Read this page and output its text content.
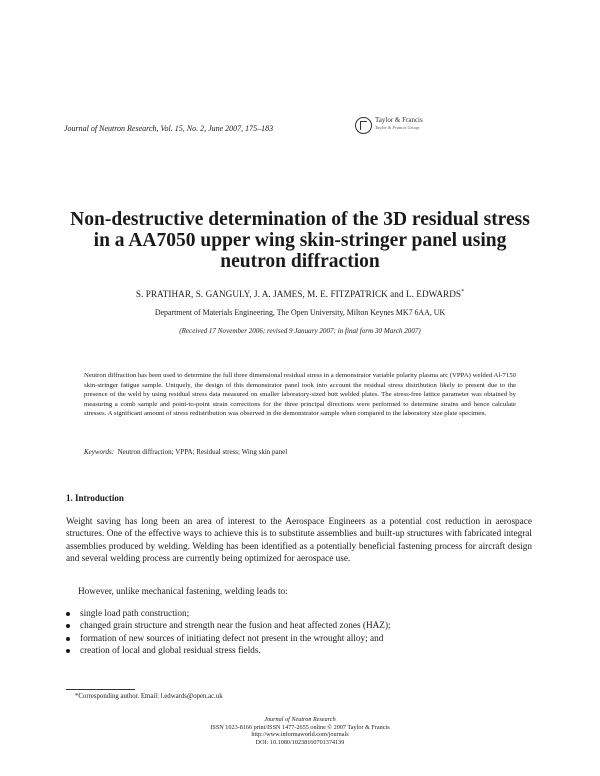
Journal of Neutron Research, Vol. 15, No. 2, June 2007, 175–183
Taylor & Francis
Taylor & Francis Group
Non-destructive determination of the 3D residual stress in a AA7050 upper wing skin-stringer panel using neutron diffraction
S. PRATIHAR, S. GANGULY, J. A. JAMES, M. E. FITZPATRICK and L. EDWARDS*
Department of Materials Engineering, The Open University, Milton Keynes MK7 6AA, UK
(Received 17 November 2006; revised 9 January 2007; in final form 30 March 2007)
Neutron diffraction has been used to determine the full three dimensional residual stress in a demonstrator variable polarity plasma arc (VPPA) welded Al-7150 skin-stringer fatigue sample. Uniquely, the design of this demonstrator panel took into account the residual stress distribution likely to present due to the presence of the weld by using residual stress data measured on smaller laboratory-sized butt welded plates. The stress-free lattice parameter was obtained by measuring a comb sample and point-to-point strain corrections for the three principal directions were performed to determine strains and hence calculate stresses. A significant amount of stress redistribution was observed in the demonstrator sample when compared to the laboratory size plate specimen.
Keywords: Neutron diffraction; VPPA; Residual stress; Wing skin panel
1. Introduction
Weight saving has long been an area of interest to the Aerospace Engineers as a potential cost reduction in aerospace structures. One of the effective ways to achieve this is to substitute assemblies and built-up structures with fabricated integral assemblies produced by welding. Welding has been identified as a potentially beneficial fastening process for aircraft design and several welding process are currently being optimized for aerospace use.
However, unlike mechanical fastening, welding leads to:
single load path construction;
changed grain structure and strength near the fusion and heat affected zones (HAZ);
formation of new sources of initiating defect not present in the wrought alloy; and
creation of local and global residual stress fields.
*Corresponding author. Email: l.edwards@open.ac.uk
Journal of Neutron Research
ISSN 1023-8166 print/ISSN 1477-2655 online © 2007 Taylor & Francis
http://www.informaworld.com/journals
DOI: 10.1080/10238160701374139
